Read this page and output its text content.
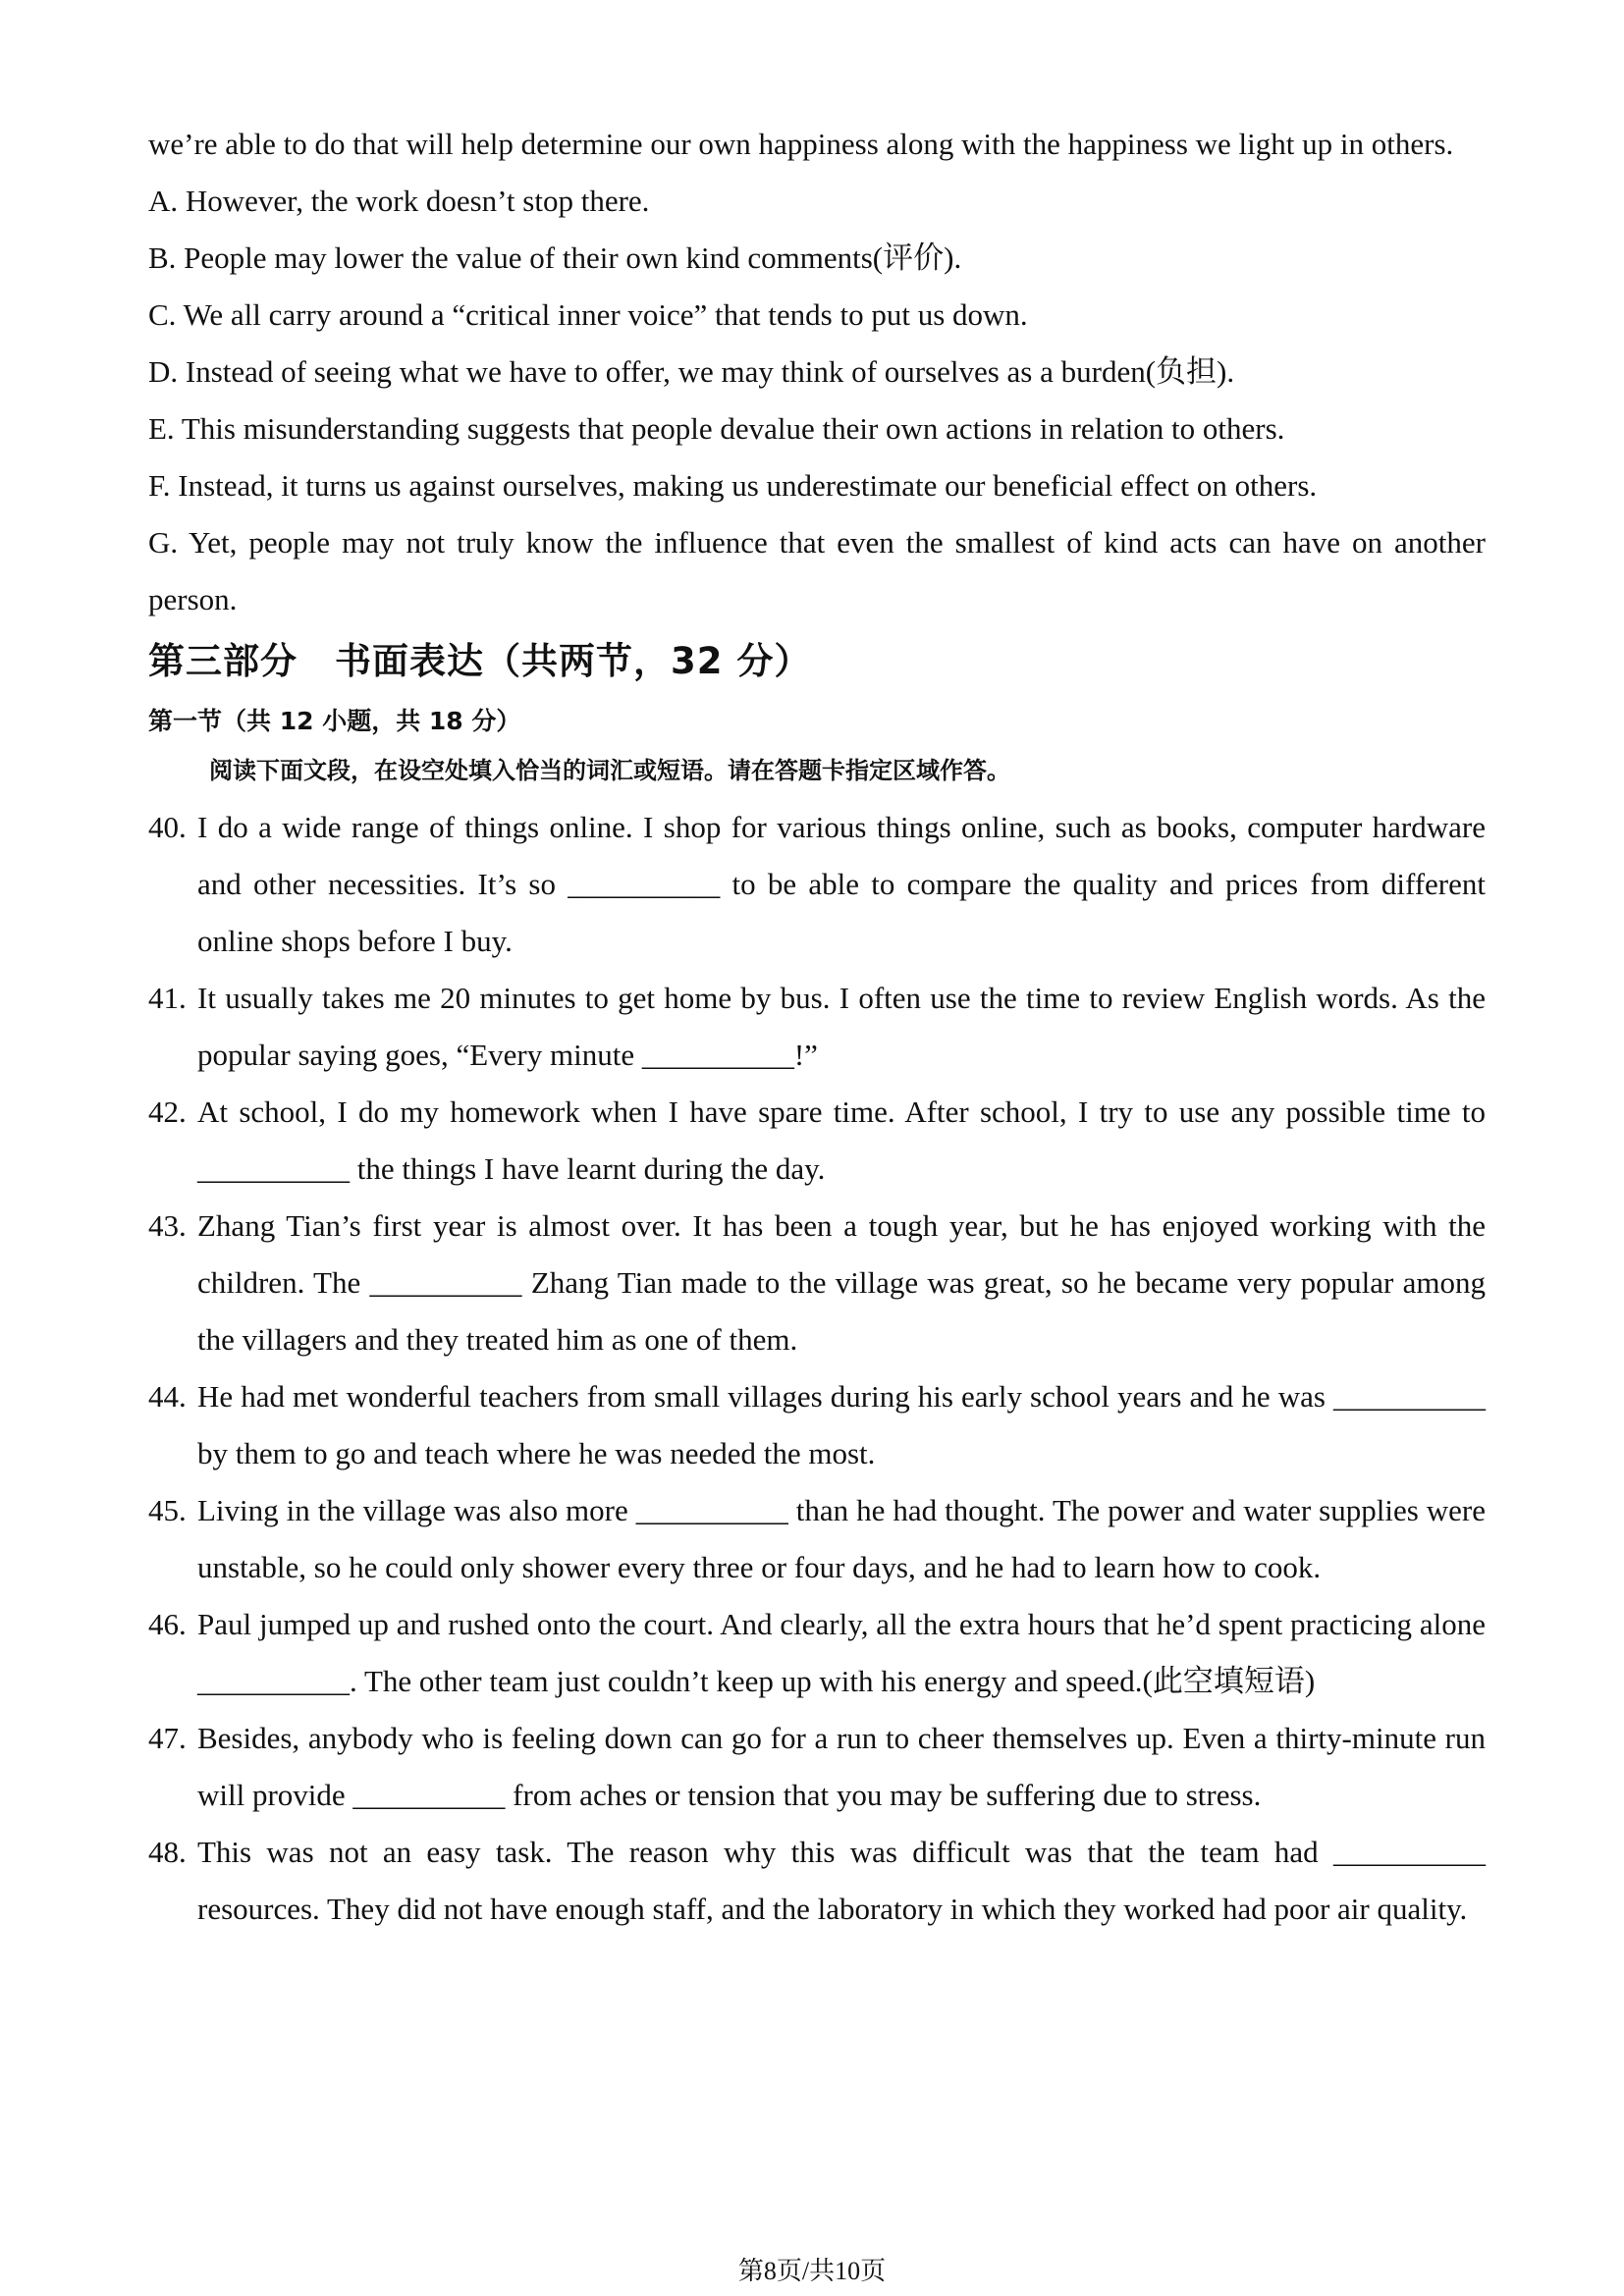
we’re able to do that will help determine our own happiness along with the happiness we light up in others.

A. However, the work doesn’t stop there.

B. People may lower the value of their own kind comments(评价).

C. We all carry around a “critical inner voice” that tends to put us down.

D. Instead of seeing what we have to offer, we may think of ourselves as a burden(负担).

E. This misunderstanding suggests that people devalue their own actions in relation to others.

F. Instead, it turns us against ourselves, making us underestimate our beneficial effect on others.

G. Yet, people may not truly know the influence that even the smallest of kind acts can have on another person.

第三部分　书面表达（共两节，32 分）

第一节（共 12 小题，共 18 分）

阅读下面文段，在设空处填入恰当的词汇或短语。请在答题卡指定区域作答。

40. I do a wide range of things online. I shop for various things online, such as books, computer hardware and other necessities. It’s so __________ to be able to compare the quality and prices from different online shops before I buy.
41. It usually takes me 20 minutes to get home by bus. I often use the time to review English words. As the popular saying goes, “Every minute __________!”
42. At school, I do my homework when I have spare time. After school, I try to use any possible time to __________ the things I have learnt during the day.
43. Zhang Tian’s first year is almost over. It has been a tough year, but he has enjoyed working with the children. The __________ Zhang Tian made to the village was great, so he became very popular among the villagers and they treated him as one of them.
44. He had met wonderful teachers from small villages during his early school years and he was __________ by them to go and teach where he was needed the most.
45. Living in the village was also more __________ than he had thought. The power and water supplies were unstable, so he could only shower every three or four days, and he had to learn how to cook.
46. Paul jumped up and rushed onto the court. And clearly, all the extra hours that he’d spent practicing alone __________. The other team just couldn’t keep up with his energy and speed.(此空填短语)
47. Besides, anybody who is feeling down can go for a run to cheer themselves up. Even a thirty-minute run will provide __________ from aches or tension that you may be suffering due to stress.
48. This was not an easy task. The reason why this was difficult was that the team had __________ resources. They did not have enough staff, and the laboratory in which they worked had poor air quality.
第8页/共10页
